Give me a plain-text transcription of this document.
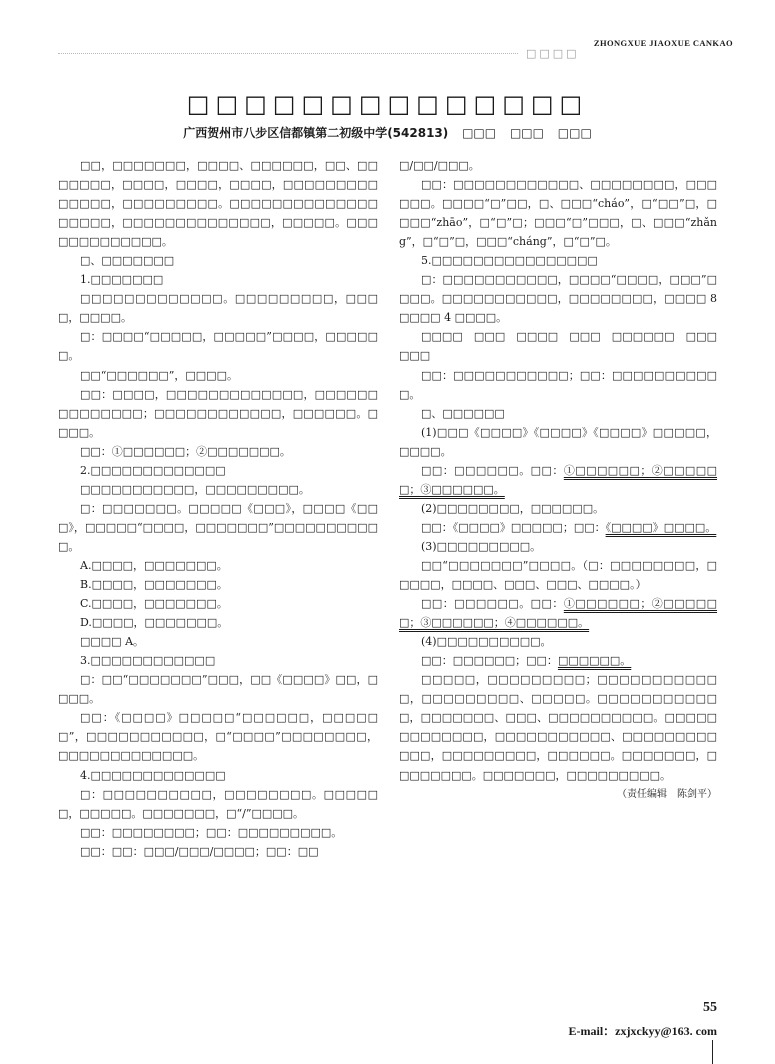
ZHONGXUE JIAOXUE CANKAO
□□□□
□□□□□□□□□□□□□□
广西贺州市八步区信都镇第二初级中学(542813) □□□ □□□ □□□

□□，□□□□□□□，□□□□、□□□□□□，□□、□□□□□□□，□□□□，□□□□，□□□□，□□□□□□□□□□□□□□，□□□□□□□□□。□□□□□□□□□□□□□□□□□□□，□□□□□□□□□□□□□□，□□□□□。□□□□□□□□□□□□□。

□、□□□□□□□

1.□□□□□□□

□□□□□□□□□□□□□。□□□□□□□□□，□□□□，□□□□。

□：□□□□“□□□□□，□□□□□”□□□□，□□□□□□。

□□“□□□□□□”，□□□□。

□□：□□□□，□□□□□□□□□□□□□，□□□□□□□□□□□□□□；□□□□□□□□□□□□，□□□□□□。□□□□。

□□：①□□□□□□；②□□□□□□□。

2.□□□□□□□□□□□□□

□□□□□□□□□□□，□□□□□□□□□。

□：□□□□□□□。□□□□□《□□□》，□□□□《□□□》，□□□□□“□□□□，□□□□□□□”□□□□□□□□□□□。

A.□□□□，□□□□□□□。

B.□□□□，□□□□□□□。

C.□□□□，□□□□□□□。

D.□□□□，□□□□□□□。

□□□□ A。

3.□□□□□□□□□□□□

□：□□“□□□□□□□”□□□，□□《□□□□》□□，□□□□。

□□：《□□□□》□□□□□“□□□□□□，□□□□□□”，□□□□□□□□□□□，□“□□□□”□□□□□□□□，□□□□□□□□□□□□□。

4.□□□□□□□□□□□□□

□：□□□□□□□□□□，□□□□□□□□。□□□□□□，□□□□□。□□□□□□□，□“/”□□□□。

□□：□□□□□□□□；□□：□□□□□□□□□。

□□：□□：□□□/□□□/□□□□；□□：□□

□/□□/□□□。

□□：□□□□□□□□□□□□、□□□□□□□□，□□□□□□。□□□□“□”□□，□、□□□“cháo”，□“□□”□，□□□□“zhāo”，□“□”□；□□□“□”□□□，□、□□□“zhǎng”，□“□”□，□□□“cháng”，□“□”□。

5.□□□□□□□□□□□□□□□□

□：□□□□□□□□□□□，□□□□“□□□□，□□□”□□□□。□□□□□□□□□□□，□□□□□□□□，□□□□ 8 □□□□ 4 □□□□。

□□□□　□□□　□□□□　□□□　□□□□□□　□□□　□□□

□□：□□□□□□□□□□□；□□：□□□□□□□□□□□。

□、□□□□□□

(1)□□□《□□□□》《□□□□》《□□□□》□□□□□，□□□□。

□□：□□□□□□。□□：①□□□□□□；②□□□□□□；③□□□□□□。

(2)□□□□□□□□，□□□□□□。

□□：《□□□□》□□□□□；□□：《□□□□》□□□□。

(3)□□□□□□□□□。

□□“□□□□□□□”□□□□。（□：□□□□□□□□，□□□□□，□□□□、□□□、□□□、□□□□。）

□□：□□□□□□。□□：①□□□□□□；②□□□□□□；③□□□□□□；④□□□□□□。

(4)□□□□□□□□□□。

□□：□□□□□□；□□：□□□□□□。

□□□□□，□□□□□□□□□；□□□□□□□□□□□□，□□□□□□□□□、□□□□□。□□□□□□□□□□□□，□□□□□□□、□□□、□□□□□□□□□□。□□□□□□□□□□□□□，□□□□□□□□□□□、□□□□□□□□□□□□，□□□□□□□□□，□□□□□□。□□□□□□□，□□□□□□□□。□□□□□□□，□□□□□□□□□。

（责任编辑　陈剑平）

55
E-mail：zxjxckyy@163. com
